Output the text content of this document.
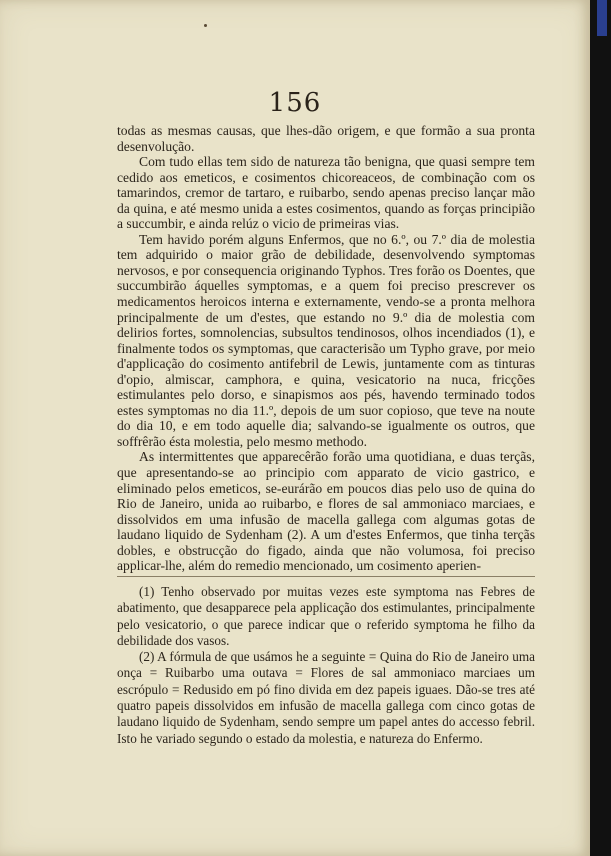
156

todas as mesmas causas, que lhes-dão origem, e que formão a sua pronta desenvolução.

Com tudo ellas tem sido de natureza tão benigna, que quasi sempre tem cedido aos emeticos, e cosimentos chicoreaceos, de combinação com os tamarindos, cremor de tartaro, e ruibarbo, sendo apenas preciso lançar mão da quina, e até mesmo unida a estes cosimentos, quando as forças principião a succumbir, e ainda relúz o vicio de primeiras vias.

Tem havido porém alguns Enfermos, que no 6.º, ou 7.º dia de molestia tem adquirido o maior grão de debilidade, desenvolvendo symptomas nervosos, e por consequencia originando Typhos. Tres forão os Doentes, que succumbirão áquelles symptomas, e a quem foi preciso prescrever os medicamentos heroicos interna e externamente, vendo-se a pronta melhora principalmente de um d'estes, que estando no 9.º dia de molestia com delirios fortes, somnolencias, subsultos tendinosos, olhos incendiados (1), e finalmente todos os symptomas, que caracterisão um Typho grave, por meio d'applicação do cosimento antifebril de Lewis, juntamente com as tinturas d'opio, almiscar, camphora, e quina, vesicatorio na nuca, fricções estimulantes pelo dorso, e sinapismos aos pés, havendo terminado todos estes symptomas no dia 11.º, depois de um suor copioso, que teve na noute do dia 10, e em todo aquelle dia; salvando-se igualmente os outros, que soffrêrão ésta molestia, pelo mesmo methodo.

As intermittentes que apparecêrão forão uma quotidiana, e duas terçãs, que apresentando-se ao principio com apparato de vicio gastrico, e eliminado pelos emeticos, se-eurárão em poucos dias pelo uso de quina do Rio de Janeiro, unida ao ruibarbo, e flores de sal ammoniaco marciaes, e dissolvidos em uma infusão de macella gallega com algumas gotas de laudano liquido de Sydenham (2). A um d'estes Enfermos, que tinha terçãs dobles, e obstrucção do figado, ainda que não volumosa, foi preciso applicar-lhe, além do remedio mencionado, um cosimento aperien-

(1) Tenho observado por muitas vezes este symptoma nas Febres de abatimento, que desapparece pela applicação dos estimulantes, principalmente pelo vesicatorio, o que parece indicar que o referido symptoma he filho da debilidade dos vasos.

(2) A fórmula de que usámos he a seguinte = Quina do Rio de Janeiro uma onça = Ruibarbo uma outava = Flores de sal ammoniaco marciaes um escrópulo = Redusido em pó fino divida em dez papeis iguaes. Dão-se tres até quatro papeis dissolvidos em infusão de macella gallega com cinco gotas de laudano liquido de Sydenham, sendo sempre um papel antes do accesso febril. Isto he variado segundo o estado da molestia, e natureza do Enfermo.
